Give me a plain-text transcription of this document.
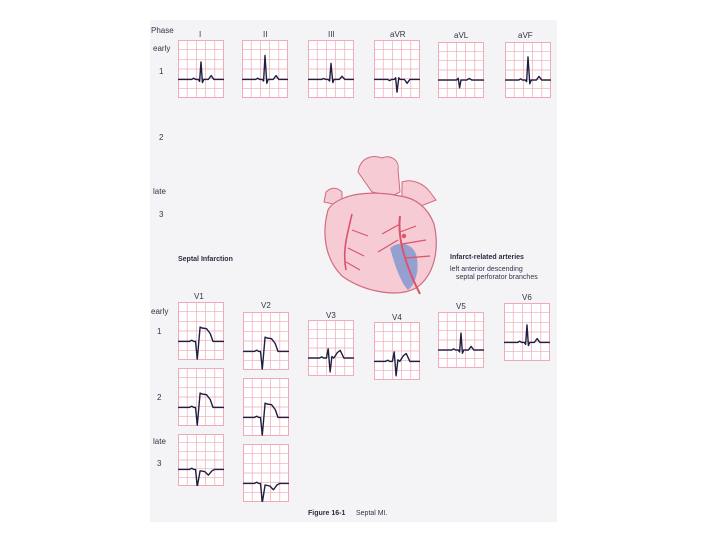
Phase
early
1
2
late
3
I	II	III	aVR	aVL	aVF
Septal Infarction	Infarct-related arteries
left anterior descending
septal perforator branches
early
1
2
late
3
V1
V2
V3	V4
V5
V6
Figure 16-1 Septal MI.
